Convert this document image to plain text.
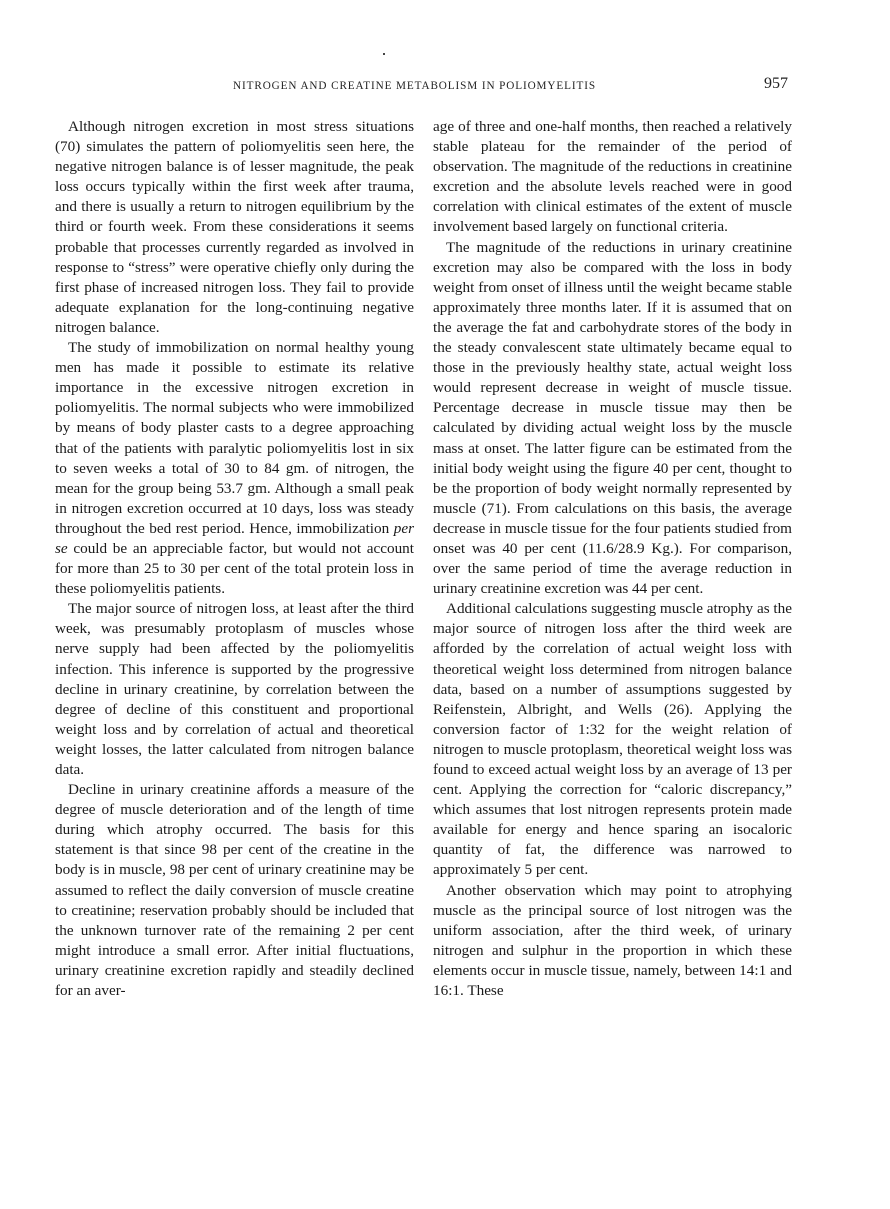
NITROGEN AND CREATINE METABOLISM IN POLIOMYELITIS	957

Although nitrogen excretion in most stress situations (70) simulates the pattern of poliomyelitis seen here, the negative nitrogen balance is of lesser magnitude, the peak loss occurs typically within the first week after trauma, and there is usually a return to nitrogen equilibrium by the third or fourth week. From these considerations it seems probable that processes currently regarded as involved in response to “stress” were operative chiefly only during the first phase of increased nitrogen loss. They fail to provide adequate explanation for the long-continuing negative nitrogen balance.

The study of immobilization on normal healthy young men has made it possible to estimate its relative importance in the excessive nitrogen excretion in poliomyelitis. The normal subjects who were immobilized by means of body plaster casts to a degree approaching that of the patients with paralytic poliomyelitis lost in six to seven weeks a total of 30 to 84 gm. of nitrogen, the mean for the group being 53.7 gm. Although a small peak in nitrogen excretion occurred at 10 days, loss was steady throughout the bed rest period. Hence, immobilization per se could be an appreciable factor, but would not account for more than 25 to 30 per cent of the total protein loss in these poliomyelitis patients.

The major source of nitrogen loss, at least after the third week, was presumably protoplasm of muscles whose nerve supply had been affected by the poliomyelitis infection. This inference is supported by the progressive decline in urinary creatinine, by correlation between the degree of decline of this constituent and proportional weight loss and by correlation of actual and theoretical weight losses, the latter calculated from nitrogen balance data.

Decline in urinary creatinine affords a measure of the degree of muscle deterioration and of the length of time during which atrophy occurred. The basis for this statement is that since 98 per cent of the creatine in the body is in muscle, 98 per cent of urinary creatinine may be assumed to reflect the daily conversion of muscle creatine to creatinine; reservation probably should be included that the unknown turnover rate of the remaining 2 per cent might introduce a small error. After initial fluctuations, urinary creatinine excretion rapidly and steadily declined for an aver-

age of three and one-half months, then reached a relatively stable plateau for the remainder of the period of observation. The magnitude of the reductions in creatinine excretion and the absolute levels reached were in good correlation with clinical estimates of the extent of muscle involvement based largely on functional criteria.

The magnitude of the reductions in urinary creatinine excretion may also be compared with the loss in body weight from onset of illness until the weight became stable approximately three months later. If it is assumed that on the average the fat and carbohydrate stores of the body in the steady convalescent state ultimately became equal to those in the previously healthy state, actual weight loss would represent decrease in weight of muscle tissue. Percentage decrease in muscle tissue may then be calculated by dividing actual weight loss by the muscle mass at onset. The latter figure can be estimated from the initial body weight using the figure 40 per cent, thought to be the proportion of body weight normally represented by muscle (71). From calculations on this basis, the average decrease in muscle tissue for the four patients studied from onset was 40 per cent (11.6/28.9 Kg.). For comparison, over the same period of time the average reduction in urinary creatinine excretion was 44 per cent.

Additional calculations suggesting muscle atrophy as the major source of nitrogen loss after the third week are afforded by the correlation of actual weight loss with theoretical weight loss determined from nitrogen balance data, based on a number of assumptions suggested by Reifenstein, Albright, and Wells (26). Applying the conversion factor of 1:32 for the weight relation of nitrogen to muscle protoplasm, theoretical weight loss was found to exceed actual weight loss by an average of 13 per cent. Applying the correction for “caloric discrepancy,” which assumes that lost nitrogen represents protein made available for energy and hence sparing an isocaloric quantity of fat, the difference was narrowed to approximately 5 per cent.

Another observation which may point to atrophying muscle as the principal source of lost nitrogen was the uniform association, after the third week, of urinary nitrogen and sulphur in the proportion in which these elements occur in muscle tissue, namely, between 14:1 and 16:1. These
